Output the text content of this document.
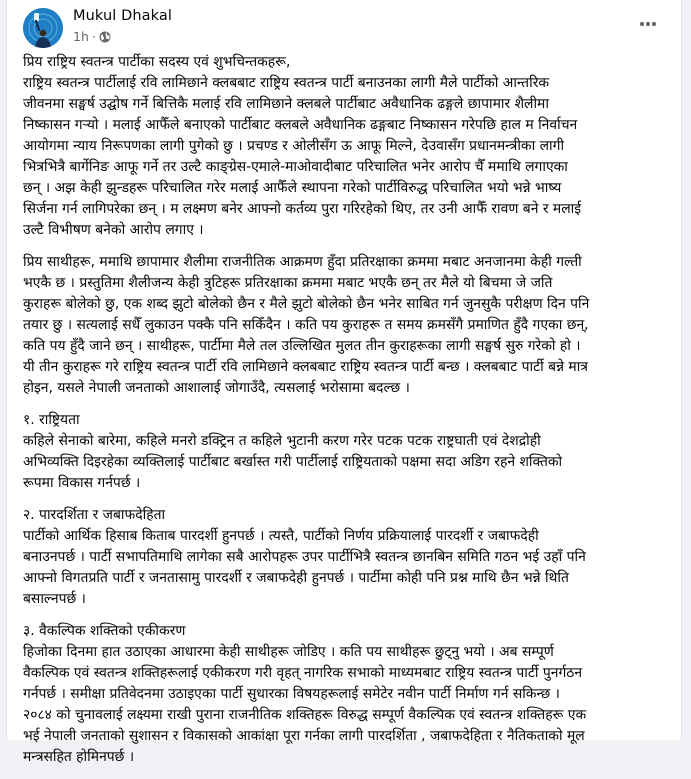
Mukul Dhakal
1h ·
प्रिय राष्ट्रिय स्वतन्त्र पार्टीका सदस्य एवं शुभचिन्तकहरू,
राष्ट्रिय स्वतन्त्र पार्टीलाई रवि लामिछाने क्लबबाट राष्ट्रिय स्वतन्त्र पार्टी बनाउनका लागी मैले पार्टीको आन्तरिक
जीवनमा सङ्घर्ष उद्घोष गर्ने बित्तिकै मलाई रवि लामिछाने क्लबले पार्टीबाट अवैधानिक ढङ्गले छापामार शैलीमा
निष्कासन गर्‍यो । मलाई आफैँले बनाएको पार्टीबाट क्लबले अवैधानिक ढङ्गबाट निष्कासन गरेपछि हाल म निर्वाचन
आयोगमा न्याय निरूपणका लागी पुगेको छु । प्रचण्ड र ओलीसँग ऊ आफू मिल्ने, देउवासँग प्रधानमन्त्रीका लागी
भित्रभित्रै बार्गेनिङ आफू गर्ने तर उल्टै काङ्ग्रेस-एमाले-माओवादीबाट परिचालित भनेर आरोप चैँ ममाथि लगाएका
छन् । अझ केही झुन्डहरू परिचालित गरेर मलाई आफैँले स्थापना गरेको पार्टीविरुद्ध परिचालित भयो भन्ने भाष्य
सिर्जना गर्न लागिपरेका छन् । म लक्ष्मण बनेर आफ्नो कर्तव्य पुरा गरिरहेको थिए, तर उनी आफैँ रावण बने र मलाई
उल्टै विभीषण बनेको आरोप लगाए ।
प्रिय साथीहरू, ममाथि छापामार शैलीमा राजनीतिक आक्रमण हुँदा प्रतिरक्षाका क्रममा मबाट अनजानमा केही गल्ती
भएकै छ । प्रस्तुतिमा शैलीजन्य केही त्रुटिहरू प्रतिरक्षाका क्रममा मबाट भएकै छन् तर मैले यो बिचमा जे जति
कुराहरू बोलेको छु, एक शब्द झुटो बोलेको छैन र मैले झुटो बोलेको छैन भनेर साबित गर्न जुनसुकै परीक्षण दिन पनि
तयार छु । सत्यलाई सधैँ लुकाउन पक्कै पनि सकिँदैन । कति पय कुराहरू त समय क्रमसँगै प्रमाणित हुँदै गएका छन्,
कति पय हुँदै जाने छन् । साथीहरू, पार्टीमा मैले तल उल्लिखित मुलत तीन कुराहरूका लागी सङ्घर्ष सुरु गरेको हो ।
यी तीन कुराहरू गरे राष्ट्रिय स्वतन्त्र पार्टी रवि लामिछाने क्लबबाट राष्ट्रिय स्वतन्त्र पार्टी बन्छ । क्लबबाट पार्टी बन्ने मात्र
होइन, यसले नेपाली जनताको आशालाई जोगाउँदै, त्यसलाई भरोसामा बदल्छ ।
१. राष्ट्रियता
कहिले सेनाको बारेमा, कहिले मनरो डक्ट्रिन त कहिले भुटानी करण गरेर पटक पटक राष्ट्रघाती एवं देशद्रोही
अभिव्यक्ति दिइरहेका व्यक्तिलाई पार्टीबाट बर्खास्त गरी पार्टीलाई राष्ट्रियताको पक्षमा सदा अडिग रहने शक्तिको
रूपमा विकास गर्नपर्छ ।
२. पारदर्शिता र जबाफदेहिता
पार्टीको आर्थिक हिसाब किताब पारदर्शी हुनपर्छ । त्यस्तै, पार्टीको निर्णय प्रक्रियालाई पारदर्शी र जबाफदेही
बनाउनपर्छ । पार्टी सभापतिमाथि लागेका सबै आरोपहरू उपर पार्टीभित्रै स्वतन्त्र छानबिन समिति गठन भई उहाँ पनि
आफ्नो विगतप्रति पार्टी र जनतासामु पारदर्शी र जबाफदेही हुनपर्छ । पार्टीमा कोही पनि प्रश्न माथि छैन भन्ने थिति
बसाल्नपर्छ ।
३. वैकल्पिक शक्तिको एकीकरण
हिजोका दिनमा हात उठाएका आधारमा केही साथीहरू जोडिए । कति पय साथीहरू छुट्नु भयो । अब सम्पूर्ण
वैकल्पिक एवं स्वतन्त्र शक्तिहरूलाई एकीकरण गरी वृहत् नागरिक सभाको माध्यमबाट राष्ट्रिय स्वतन्त्र पार्टी पुनर्गठन
गर्नपर्छ । समीक्षा प्रतिवेदनमा उठाइएका पार्टी सुधारका विषयहरूलाई समेटेर नवीन पार्टी निर्माण गर्न सकिन्छ ।
२०८४ को चुनावलाई लक्ष्यमा राखी पुराना राजनीतिक शक्तिहरू विरुद्ध सम्पूर्ण वैकल्पिक एवं स्वतन्त्र शक्तिहरू एक
भई नेपाली जनताको सुशासन र विकासको आकांक्षा पूरा गर्नका लागी पारदर्शिता , जबाफदेहिता र नैतिकताको मूल
मन्त्रसहित होमिनपर्छ ।
